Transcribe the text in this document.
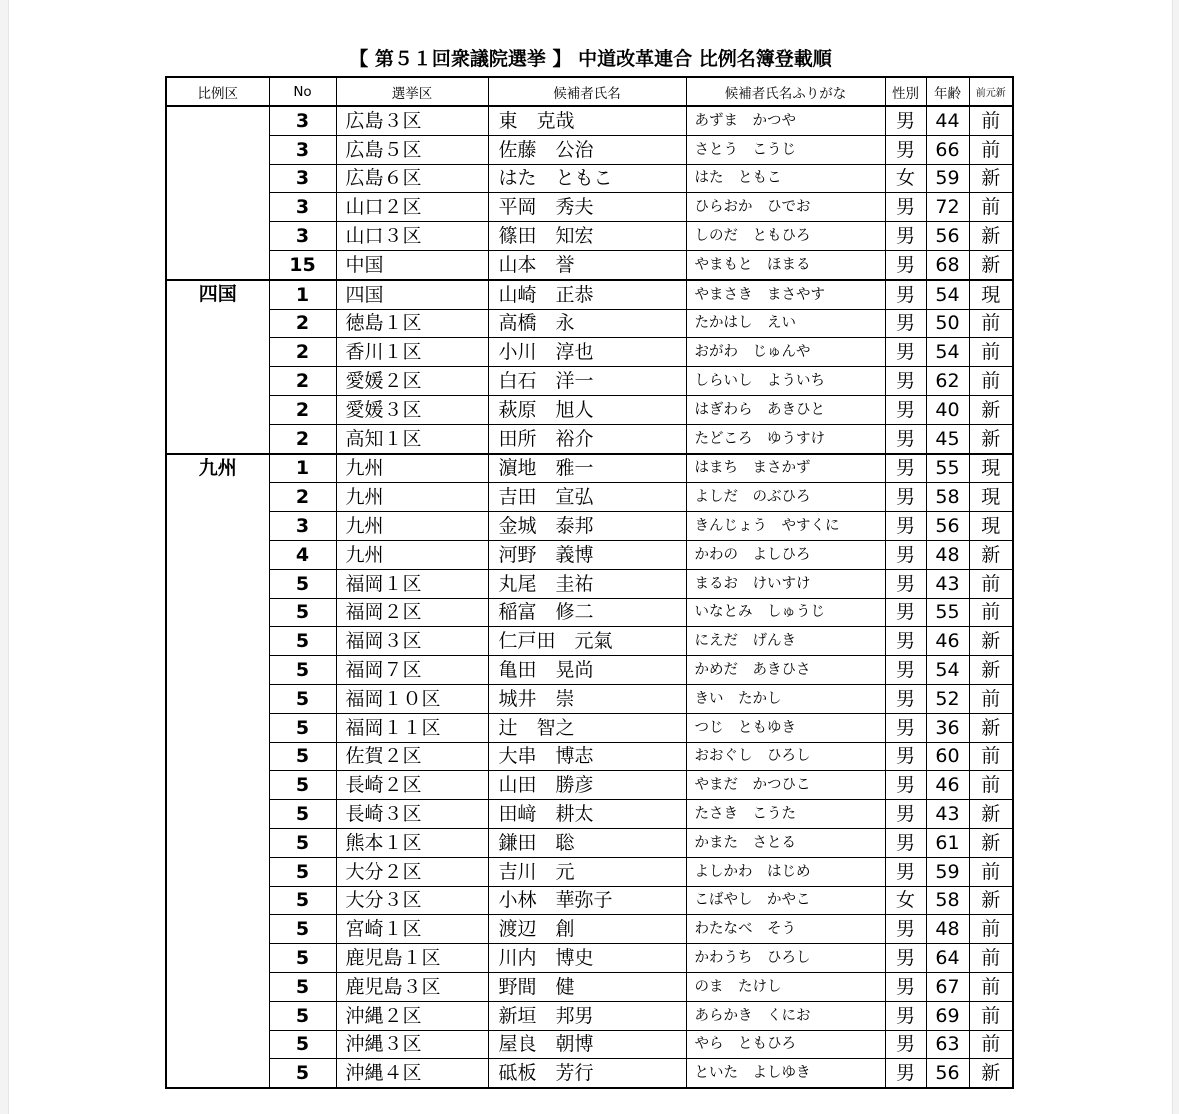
【 第５１回衆議院選挙 】 中道改革連合 比例名簿登載順
比例区	No	選挙区	候補者氏名	候補者氏名ふりがな	性別	年齢	前元新
	3	広島３区	東　克哉	あずま　かつや	男	44	前
	3	広島５区	佐藤　公治	さとう　こうじ	男	66	前
	3	広島６区	はた　ともこ	はた　ともこ	女	59	新
	3	山口２区	平岡　秀夫	ひらおか　ひでお	男	72	前
	3	山口３区	篠田　知宏	しのだ　ともひろ	男	56	新
	15	中国	山本　誉	やまもと　ほまる	男	68	新
四国	1	四国	山崎　正恭	やまさき　まさやす	男	54	現
	2	徳島１区	高橋　永	たかはし　えい	男	50	前
	2	香川１区	小川　淳也	おがわ　じゅんや	男	54	前
	2	愛媛２区	白石　洋一	しらいし　よういち	男	62	前
	2	愛媛３区	萩原　旭人	はぎわら　あきひと	男	40	新
	2	高知１区	田所　裕介	たどころ　ゆうすけ	男	45	新
九州	1	九州	濵地　雅一	はまち　まさかず	男	55	現
	2	九州	吉田　宣弘	よしだ　のぶひろ	男	58	現
	3	九州	金城　泰邦	きんじょう　やすくに	男	56	現
	4	九州	河野　義博	かわの　よしひろ	男	48	新
	5	福岡１区	丸尾　圭祐	まるお　けいすけ	男	43	前
	5	福岡２区	稲富　修二	いなとみ　しゅうじ	男	55	前
	5	福岡３区	仁戸田　元氣	にえだ　げんき	男	46	新
	5	福岡７区	亀田　晃尚	かめだ　あきひさ	男	54	新
	5	福岡１０区	城井　崇	きい　たかし	男	52	前
	5	福岡１１区	辻　智之	つじ　ともゆき	男	36	新
	5	佐賀２区	大串　博志	おおぐし　ひろし	男	60	前
	5	長崎２区	山田　勝彦	やまだ　かつひこ	男	46	前
	5	長崎３区	田﨑　耕太	たさき　こうた	男	43	新
	5	熊本１区	鎌田　聡	かまた　さとる	男	61	新
	5	大分２区	吉川　元	よしかわ　はじめ	男	59	前
	5	大分３区	小林　華弥子	こばやし　かやこ	女	58	新
	5	宮崎１区	渡辺　創	わたなべ　そう	男	48	前
	5	鹿児島１区	川内　博史	かわうち　ひろし	男	64	前
	5	鹿児島３区	野間　健	のま　たけし	男	67	前
	5	沖縄２区	新垣　邦男	あらかき　くにお	男	69	前
	5	沖縄３区	屋良　朝博	やら　ともひろ	男	63	前
	5	沖縄４区	砥板　芳行	といた　よしゆき	男	56	新
